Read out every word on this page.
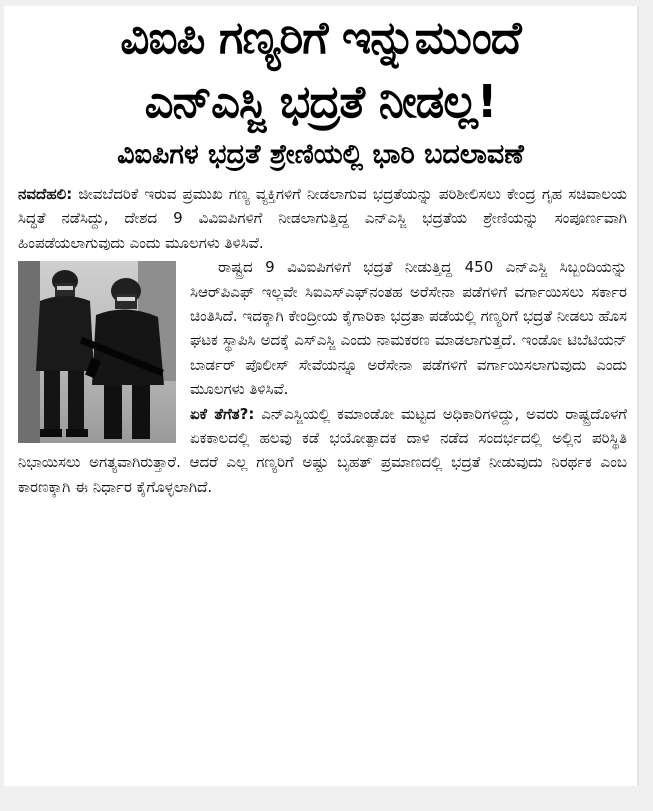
ವಿಐಪಿ ಗಣ್ಯರಿಗೆ ಇನ್ನುಮುಂದೆ
ಎನ್ಎಸ್ಜಿ ಭದ್ರತೆ ನೀಡಲ್ಲ!
ವಿಐಪಿಗಳ ಭದ್ರತೆ ಶ್ರೇಣಿಯಲ್ಲಿ ಭಾರಿ ಬದಲಾವಣೆ

ನವದೆಹಲಿ: ಜೀವಬೆದರಿಕೆ ಇರುವ ಪ್ರಮುಖ ಗಣ್ಯ ವ್ಯಕ್ತಿಗಳಿಗೆ ನೀಡಲಾಗುವ ಭದ್ರತೆಯನ್ನು ಪರಿಶೀಲಿಸಲು ಕೇಂದ್ರ ಗೃಹ ಸಚಿವಾಲಯ ಸಿದ್ಧತೆ ನಡೆಸಿದ್ದು, ದೇಶದ 9 ವಿವಿಐಪಿಗಳಿಗೆ ನೀಡಲಾಗುತ್ತಿದ್ದ ಎನ್ಎಸ್ಜಿ ಭದ್ರತೆಯ ಶ್ರೇಣಿಯನ್ನು ಸಂಪೂರ್ಣವಾಗಿ ಹಿಂಪಡೆಯಲಾಗುವುದು ಎಂದು ಮೂಲಗಳು ತಿಳಿಸಿವೆ.

ರಾಷ್ಟ್ರದ 9 ವಿವಿಐಪಿಗಳಿಗೆ ಭದ್ರತೆ ನೀಡುತ್ತಿದ್ದ 450 ಎನ್ಎಸ್ಜಿ ಸಿಬ್ಬಂದಿಯನ್ನು ಸಿಆರ್‌ಪಿಎಫ್ ಇಲ್ಲವೇ ಸಿಐಎಸ್ಎಫ್‌ನಂತಹ ಅರೆಸೇನಾ ಪಡೆಗಳಿಗೆ ವರ್ಗಾಯಿಸಲು ಸರ್ಕಾರ ಚಿಂತಿಸಿದೆ. ಇದಕ್ಕಾಗಿ ಕೇಂದ್ರೀಯ ಕೈಗಾರಿಕಾ ಭದ್ರತಾ ಪಡೆಯಲ್ಲಿ ಗಣ್ಯರಿಗೆ ಭದ್ರತೆ ನೀಡಲು ಹೊಸ ಘಟಕ ಸ್ಥಾಪಿಸಿ ಅದಕ್ಕೆ ಎಸ್ಎಸ್ಜಿ ಎಂದು ನಾಮಕರಣ ಮಾಡಲಾಗುತ್ತದೆ. ಇಂಡೋ ಟಿಬೆಟಿಯನ್ ಬಾರ್ಡರ್ ಪೊಲೀಸ್ ಸೇವೆಯನ್ನೂ ಅರೆಸೇನಾ ಪಡೆಗಳಿಗೆ ವರ್ಗಾಯಿಸಲಾಗುವುದು ಎಂದು ಮೂಲಗಳು ತಿಳಿಸಿವೆ.

ಏಕೆ ತೆಗೆತ?: ಎನ್ಎಸ್ಜಿಯಲ್ಲಿ ಕಮಾಂಡೋ ಮಟ್ಟದ ಅಧಿಕಾರಿಗಳಿದ್ದು, ಅವರು ರಾಷ್ಟ್ರದೊಳಗೆ ಏಕಕಾಲದಲ್ಲಿ ಹಲವು ಕಡೆ ಭಯೋತ್ಪಾದಕ ದಾಳಿ ನಡೆದ ಸಂದರ್ಭದಲ್ಲಿ ಅಲ್ಲಿನ ಪರಿಸ್ಥಿತಿ ನಿಭಾಯಿಸಲು ಅಗತ್ಯವಾಗಿರುತ್ತಾರೆ. ಆದರೆ ಎಲ್ಲ ಗಣ್ಯರಿಗೆ ಅಷ್ಟು ಬೃಹತ್ ಪ್ರಮಾಣದಲ್ಲಿ ಭದ್ರತೆ ನೀಡುವುದು ನಿರರ್ಥಕ ಎಂಬ ಕಾರಣಕ್ಕಾಗಿ ಈ ನಿರ್ಧಾರ ಕೈಗೊಳ್ಳಲಾಗಿದೆ.
